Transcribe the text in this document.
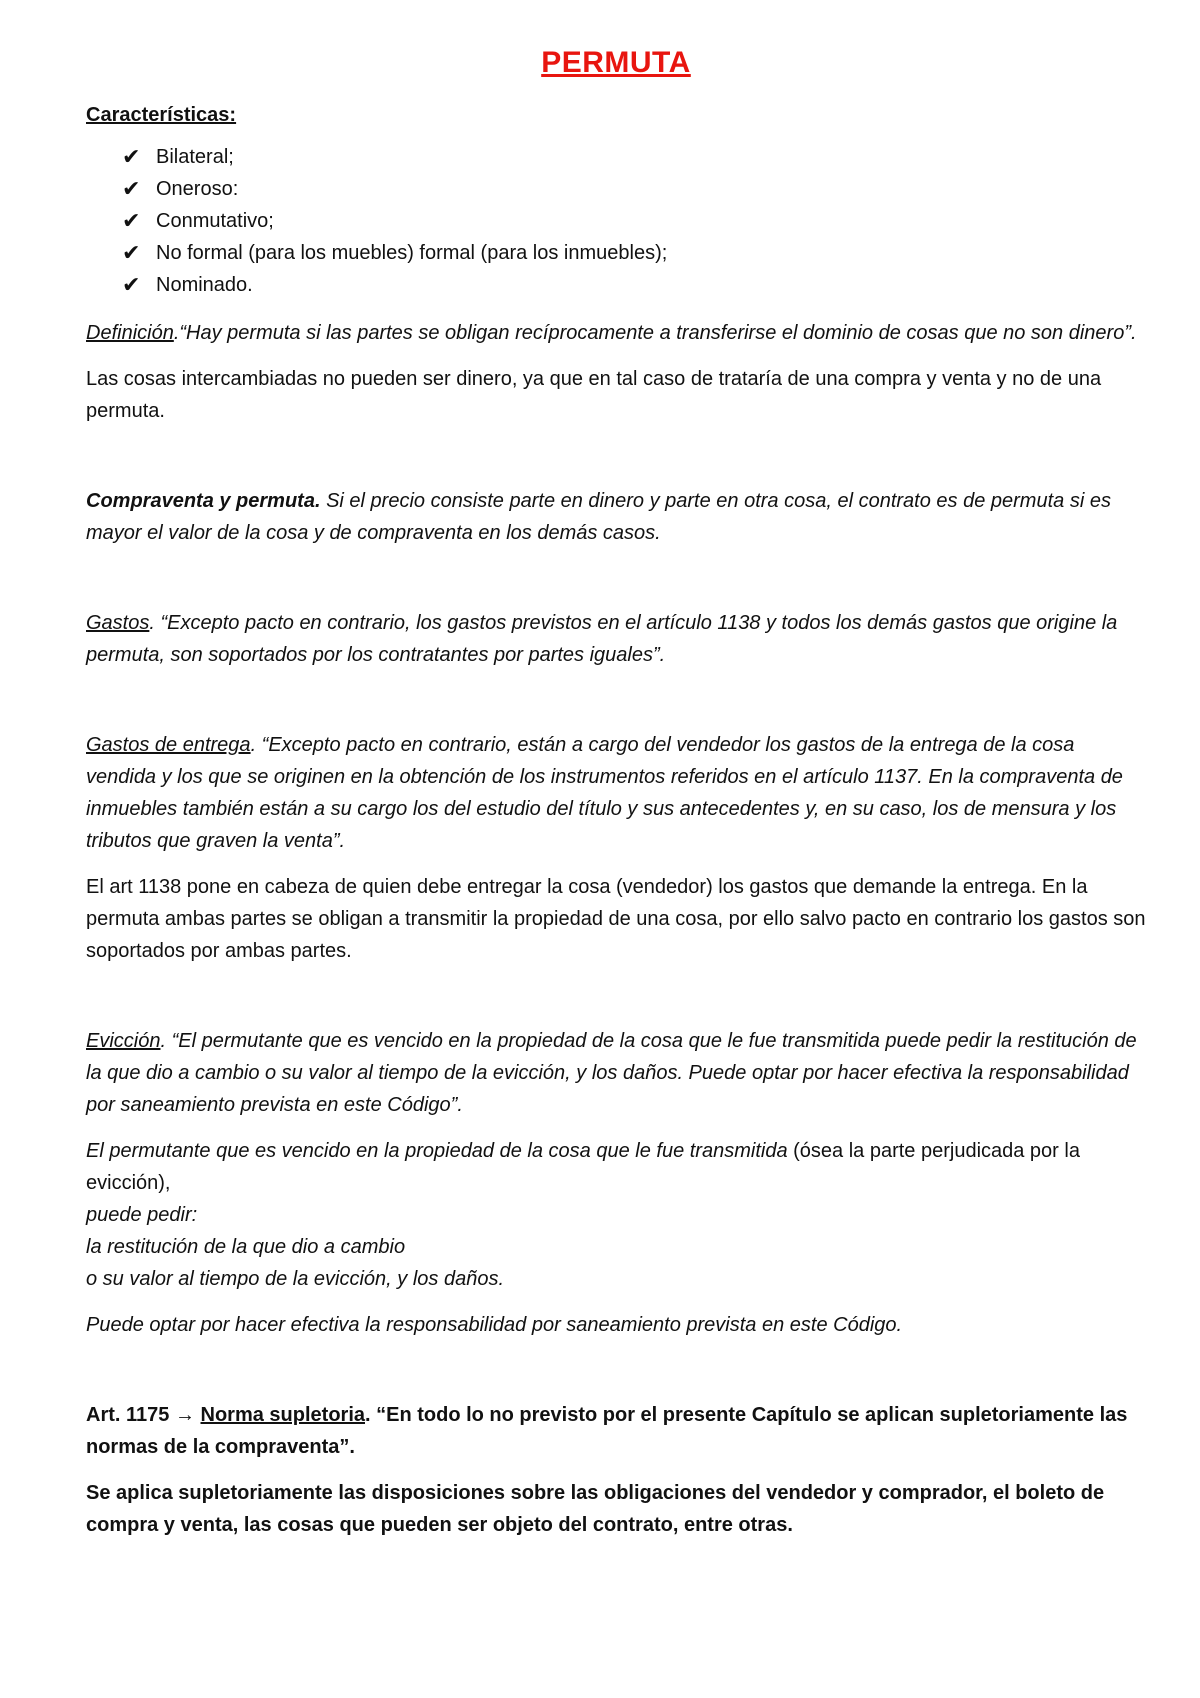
PERMUTA
Características:
✔ Bilateral;
✔ Oneroso:
✔ Conmutativo;
✔ No formal (para los muebles) formal (para los inmuebles);
✔ Nominado.

Definición.“Hay permuta si las partes se obligan recíprocamente a transferirse el dominio de cosas que no son dinero”.

Las cosas intercambiadas no pueden ser dinero, ya que en tal caso de trataría de una compra y venta y no de una permuta.

Compraventa y permuta. Si el precio consiste parte en dinero y parte en otra cosa, el contrato es de permuta si es mayor el valor de la cosa y de compraventa en los demás casos.

Gastos. “Excepto pacto en contrario, los gastos previstos en el artículo 1138 y todos los demás gastos que origine la permuta, son soportados por los contratantes por partes iguales”.

Gastos de entrega. “Excepto pacto en contrario, están a cargo del vendedor los gastos de la entrega de la cosa vendida y los que se originen en la obtención de los instrumentos referidos en el artículo 1137. En la compraventa de inmuebles también están a su cargo los del estudio del título y sus antecedentes y, en su caso, los de mensura y los tributos que graven la venta”.

El art 1138 pone en cabeza de quien debe entregar la cosa (vendedor) los gastos que demande la entrega. En la permuta ambas partes se obligan a transmitir la propiedad de una cosa, por ello salvo pacto en contrario los gastos son soportados por ambas partes.

Evicción. “El permutante que es vencido en la propiedad de la cosa que le fue transmitida puede pedir la restitución de la que dio a cambio o su valor al tiempo de la evicción, y los daños. Puede optar por hacer efectiva la responsabilidad por saneamiento prevista en este Código”.

El permutante que es vencido en la propiedad de la cosa que le fue transmitida (ósea la parte perjudicada por la evicción),

puede pedir:

la restitución de la que dio a cambio

o su valor al tiempo de la evicción, y los daños.

Puede optar por hacer efectiva la responsabilidad por saneamiento prevista en este Código.

Art. 1175 → Norma supletoria. “En todo lo no previsto por el presente Capítulo se aplican supletoriamente las normas de la compraventa”.

Se aplica supletoriamente las disposiciones sobre las obligaciones del vendedor y comprador, el boleto de compra y venta, las cosas que pueden ser objeto del contrato, entre otras.
